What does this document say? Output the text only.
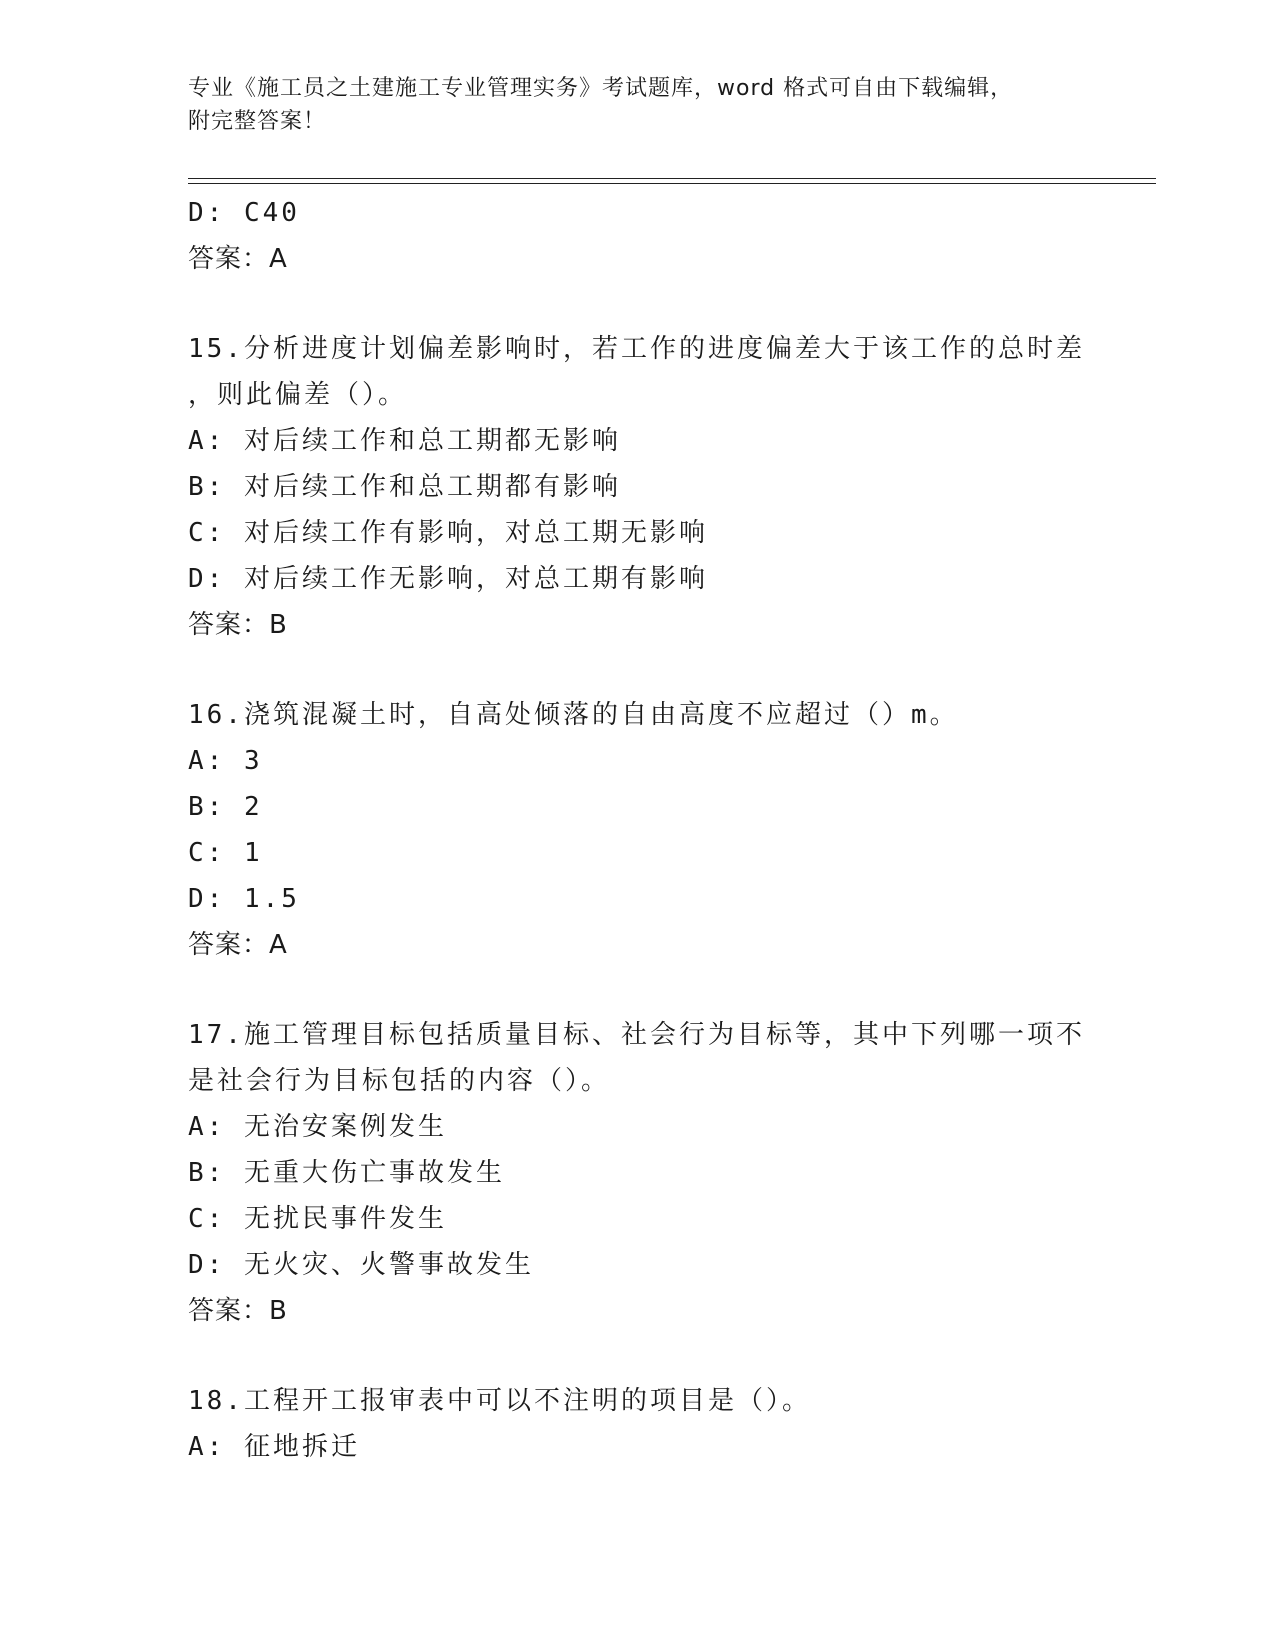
专业《施工员之土建施工专业管理实务》考试题库，word 格式可自由下载编辑，
附完整答案！
D: C40
答案：A
15.分析进度计划偏差影响时，若工作的进度偏差大于该工作的总时差
，则此偏差（）。
A: 对后续工作和总工期都无影响
B: 对后续工作和总工期都有影响
C: 对后续工作有影响，对总工期无影响
D: 对后续工作无影响，对总工期有影响
答案：B
16.浇筑混凝土时，自高处倾落的自由高度不应超过（）m。
A: 3
B: 2
C: 1
D: 1.5
答案：A
17.施工管理目标包括质量目标、社会行为目标等，其中下列哪一项不
是社会行为目标包括的内容（）。
A: 无治安案例发生
B: 无重大伤亡事故发生
C: 无扰民事件发生
D: 无火灾、火警事故发生
答案：B
18.工程开工报审表中可以不注明的项目是（）。
A: 征地拆迁
